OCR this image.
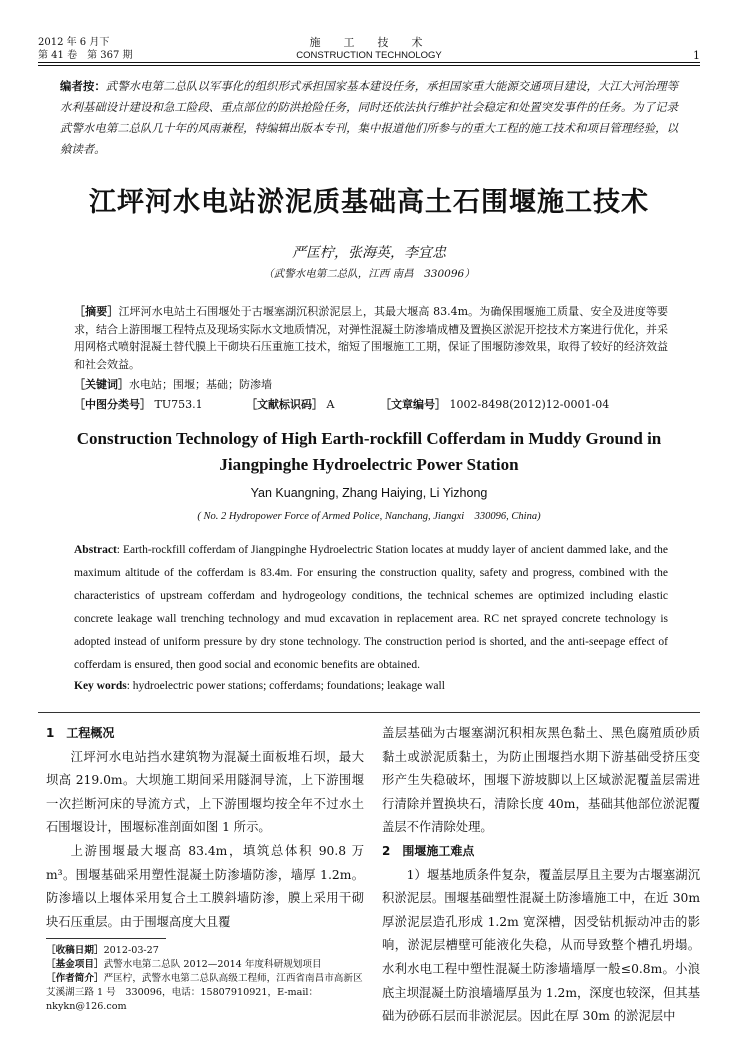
2012 年 6 月下
第 41 卷　第 367 期
施　工　技　术
CONSTRUCTION TECHNOLOGY	1
编者按：武警水电第二总队以军事化的组织形式承担国家基本建设任务，承担国家重大能源交通项目建设，大江大河治理等水利基础设计建设和急工险段、重点部位的防洪抢险任务，同时还依法执行维护社会稳定和处置突发事件的任务。为了记录武警水电第二总队几十年的风雨兼程，特编辑出版本专刊，集中报道他们所参与的重大工程的施工技术和项目管理经验，以飨读者。
江坪河水电站淤泥质基础高土石围堰施工技术
严匡柠，张海英，李宜忠
（武警水电第二总队，江西 南昌　330096）
［摘要］江坪河水电站土石围堰处于古堰塞湖沉积淤泥层上，其最大堰高 83.4m。为确保围堰施工质量、安全及进度等要求，结合上游围堰工程特点及现场实际水文地质情况，对弹性混凝土防渗墙成槽及置换区淤泥开挖技术方案进行优化，并采用网格式喷射混凝土替代膜上干砌块石压重施工技术，缩短了围堰施工工期，保证了围堰防渗效果，取得了较好的经济效益和社会效益。
［关键词］水电站；围堰；基础；防渗墙
［中图分类号］ TU753.1	［文献标识码］ A	［文章编号］ 1002-8498(2012)12-0001-04
Construction Technology of High Earth-rockfill Cofferdam in Muddy Ground in Jiangpinghe Hydroelectric Power Station
Yan Kuangning, Zhang Haiying, Li Yizhong
( No. 2 Hydropower Force of Armed Police, Nanchang, Jiangxi　330096, China)
Abstract: Earth-rockfill cofferdam of Jiangpinghe Hydroelectric Station locates at muddy layer of ancient dammed lake, and the maximum altitude of the cofferdam is 83.4m. For ensuring the construction quality, safety and progress, combined with the characteristics of upstream cofferdam and hydrogeology conditions, the technical schemes are optimized including elastic concrete leakage wall trenching technology and mud excavation in replacement area. RC net sprayed concrete technology is adopted instead of uniform pressure by dry stone technology. The construction period is shorted, and the anti-seepage effect of cofferdam is ensured, then good social and economic benefits are obtained.
Key words: hydroelectric power stations; cofferdams; foundations; leakage wall
1　工程概况

江坪河水电站挡水建筑物为混凝土面板堆石坝，最大坝高 219.0m。大坝施工期间采用隧洞导流，上下游围堰一次拦断河床的导流方式，上下游围堰均按全年不过水土石围堰设计，围堰标准剖面如图 1 所示。

上游围堰最大堰高 83.4m，填筑总体积 90.8 万 m³。围堰基础采用塑性混凝土防渗墙防渗，墙厚 1.2m。防渗墙以上堰体采用复合土工膜斜墙防渗，膜上采用干砌块石压重层。由于围堰高度大且覆

盖层基础为古堰塞湖沉积相灰黑色黏土、黑色腐殖质砂质黏土或淤泥质黏土，为防止围堰挡水期下游基础受挤压变形产生失稳破坏，围堰下游坡脚以上区域淤泥覆盖层需进行清除并置换块石，清除长度 40m，基础其他部位淤泥覆盖层不作清除处理。

2　围堰施工难点

1）堰基地质条件复杂，覆盖层厚且主要为古堰塞湖沉积淤泥层。围堰基础塑性混凝土防渗墙施工中，在近 30m 厚淤泥层造孔形成 1.2m 宽深槽，因受钻机振动冲击的影响，淤泥层槽壁可能液化失稳，从而导致整个槽孔坍塌。水利水电工程中塑性混凝土防渗墙墙厚一般≤0.8m。小浪底主坝混凝土防浪墙墙厚虽为 1.2m，深度也较深，但其基础为砂砾石层而非淤泥层。因此在厚 30m 的淤泥层中

［收稿日期］2012-03-27
［基金项目］武警水电第二总队 2012—2014 年度科研规划项目
［作者简介］严匡柠，武警水电第二总队高级工程师，江西省南昌市高新区艾溪湖三路 1 号　330096，电话：15807910921，E-mail：nkykn@126.com
